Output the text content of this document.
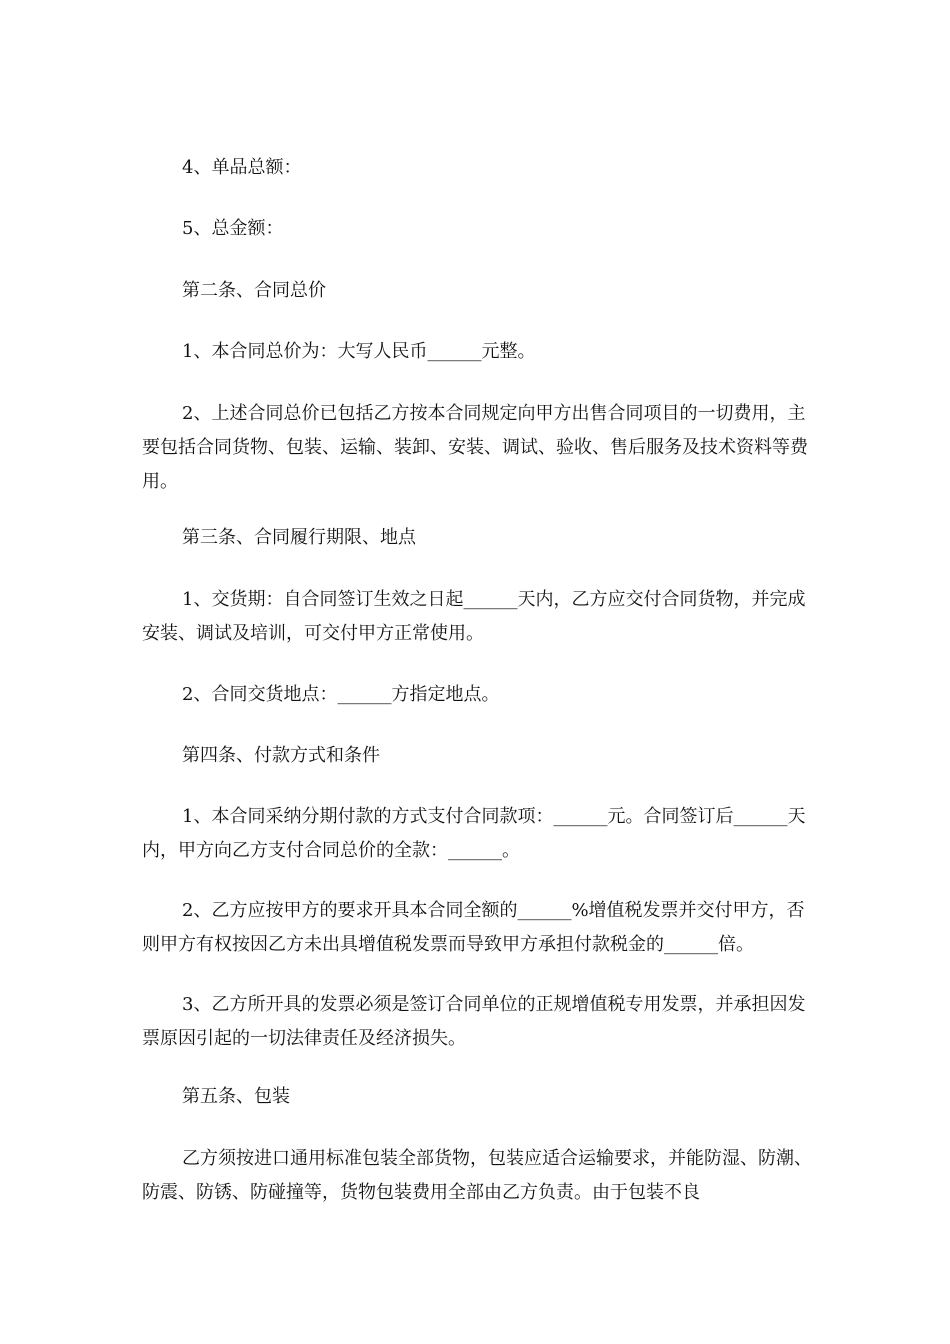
4、单品总额：
5、总金额：
第二条、合同总价
1、本合同总价为：大写人民币______元整。
2、上述合同总价已包括乙方按本合同规定向甲方出售合同项目的一切费用，主要包括合同货物、包装、运输、装卸、安装、调试、验收、售后服务及技术资料等费用。
第三条、合同履行期限、地点
1、交货期：自合同签订生效之日起______天内，乙方应交付合同货物，并完成安装、调试及培训，可交付甲方正常使用。
2、合同交货地点：______方指定地点。
第四条、付款方式和条件
1、本合同采纳分期付款的方式支付合同款项：______元。合同签订后______天内，甲方向乙方支付合同总价的全款：______。
2、乙方应按甲方的要求开具本合同全额的______%增值税发票并交付甲方，否则甲方有权按因乙方未出具增值税发票而导致甲方承担付款税金的______倍。
3、乙方所开具的发票必须是签订合同单位的正规增值税专用发票，并承担因发票原因引起的一切法律责任及经济损失。
第五条、包装
乙方须按进口通用标准包装全部货物，包装应适合运输要求，并能防湿、防潮、防震、防锈、防碰撞等，货物包装费用全部由乙方负责。由于包装不良
